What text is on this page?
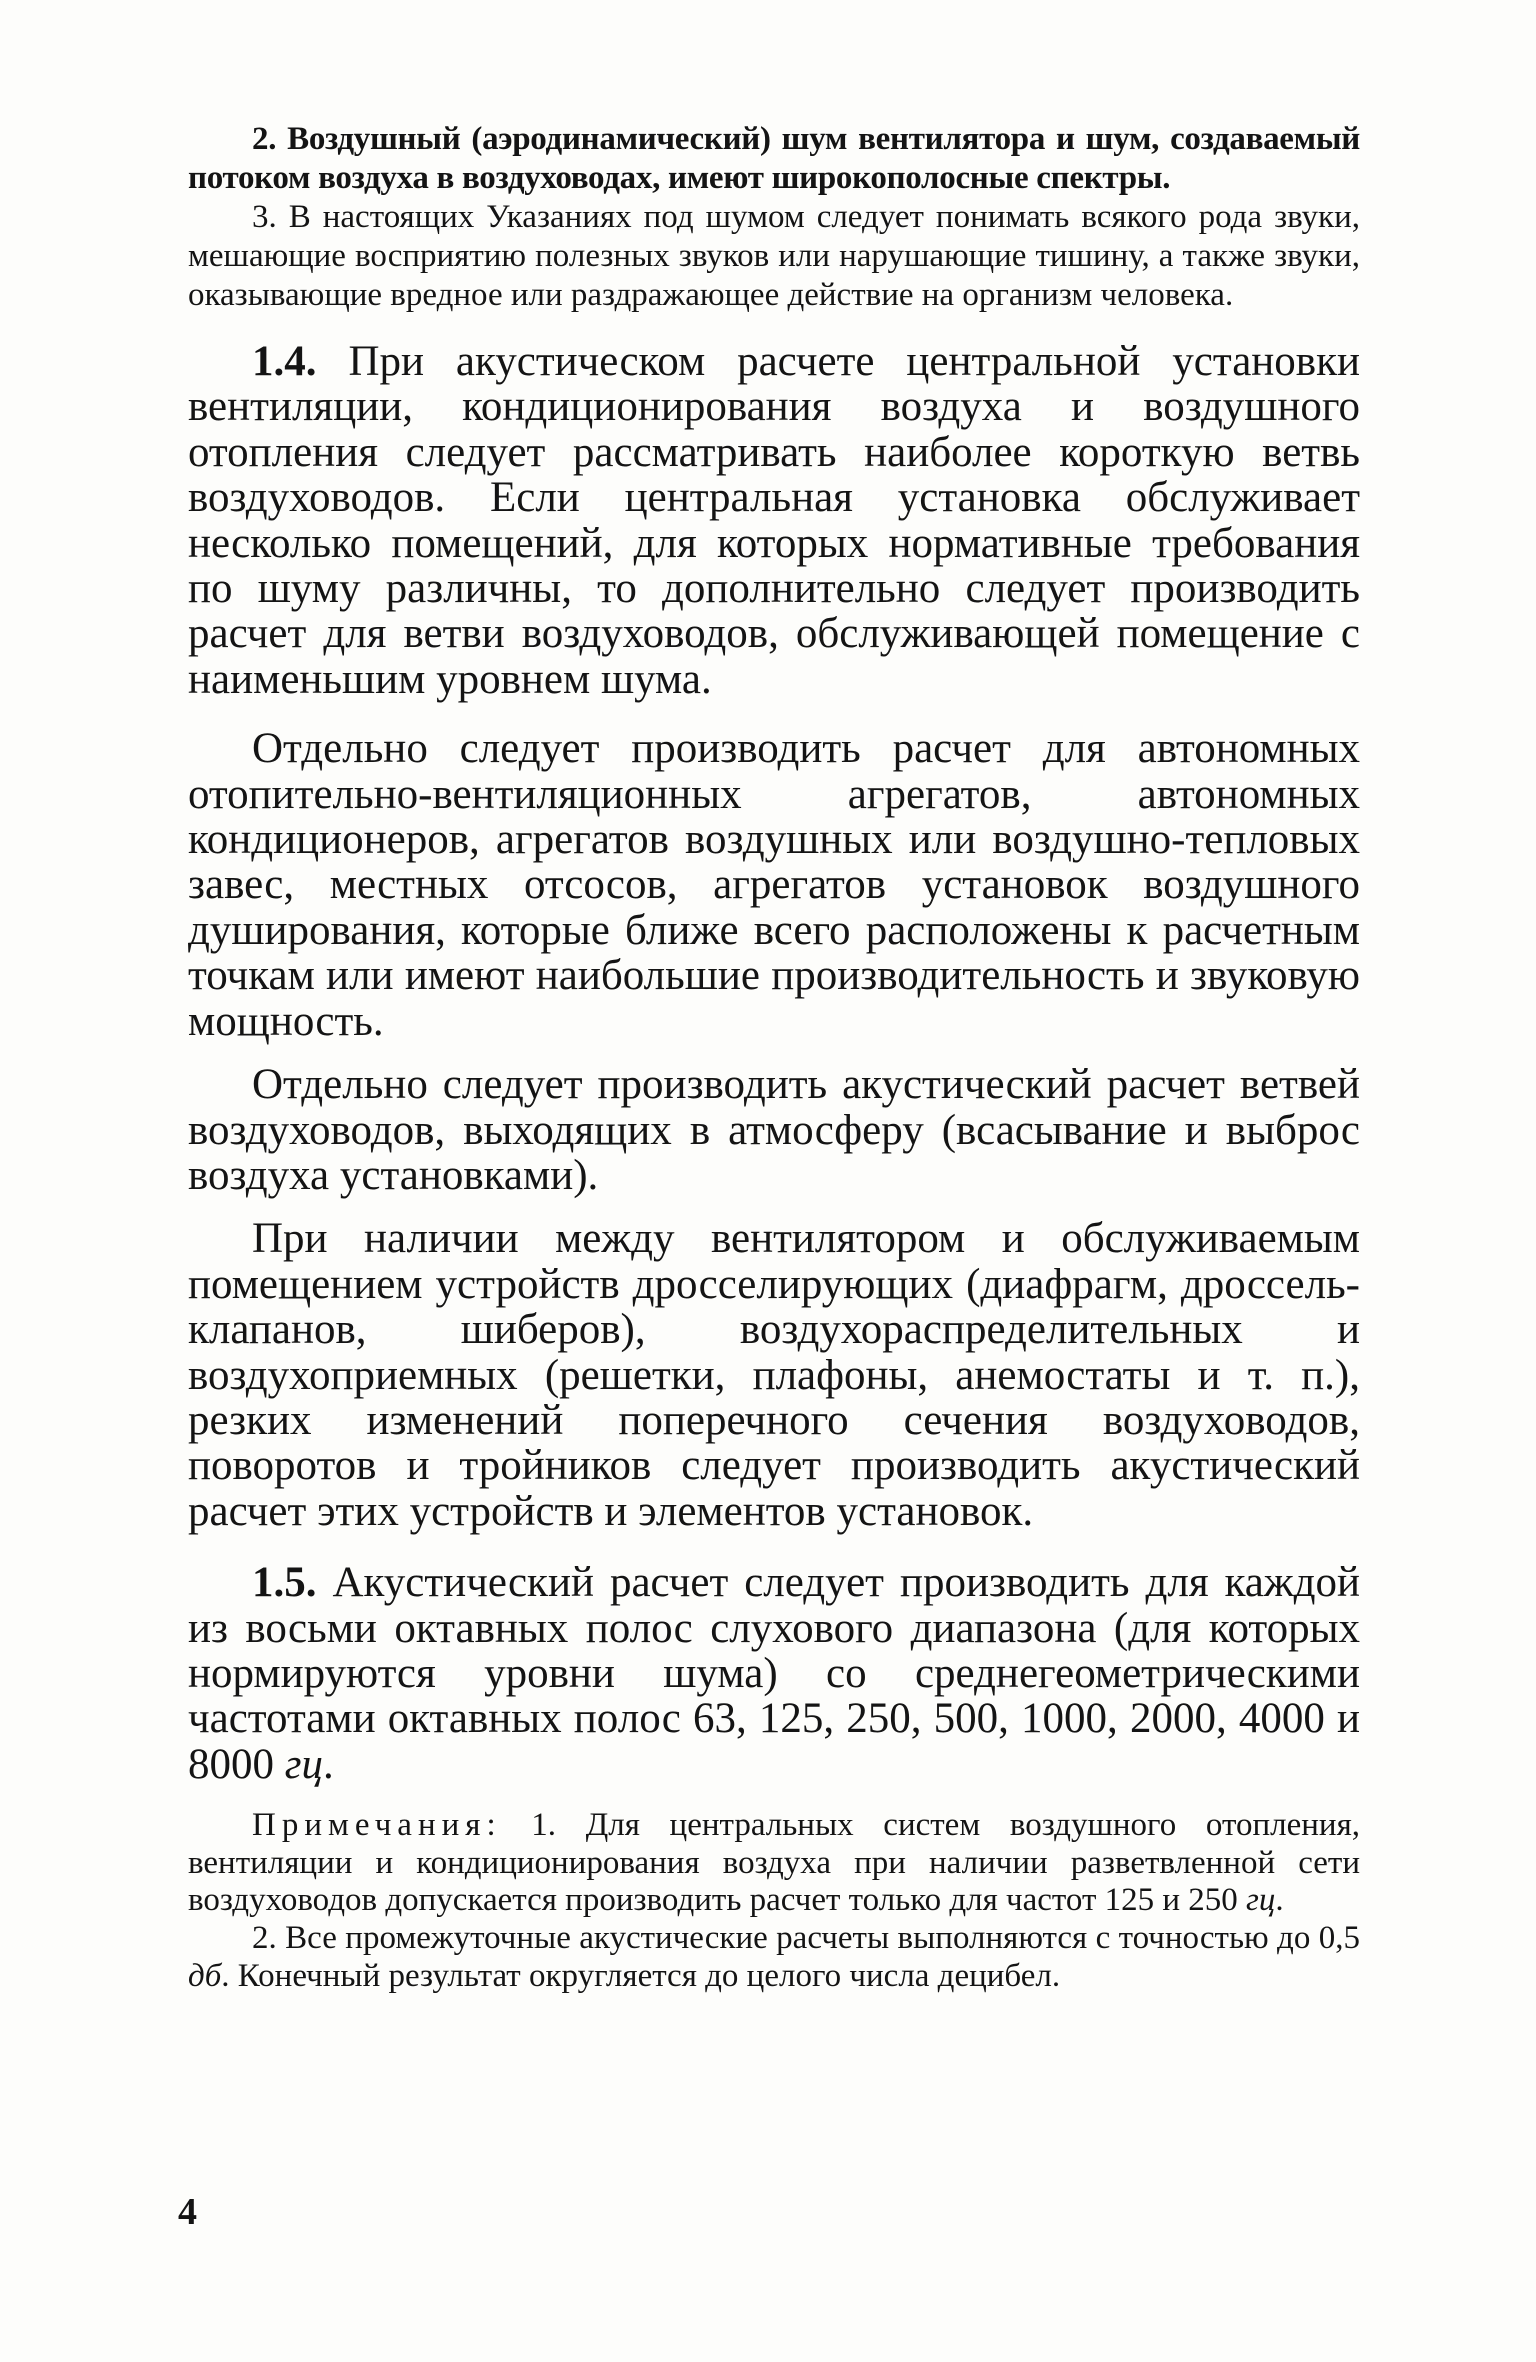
2. Воздушный (аэродинамический) шум вентилятора и шум, создаваемый потоком воздуха в воздуховодах, имеют широкополосные спектры.

3. В настоящих Указаниях под шумом следует понимать всякого рода звуки, мешающие восприятию полезных звуков или нарушающие тишину, а также звуки, оказывающие вредное или раздражающее действие на организм человека.

1.4. При акустическом расчете центральной установки вентиляции, кондиционирования воздуха и воздушного отопления следует рассматривать наиболее короткую ветвь воздуховодов. Если центральная установка обслуживает несколько помещений, для которых нормативные требования по шуму различны, то дополнительно следует производить расчет для ветви воздуховодов, обслуживающей помещение с наименьшим уровнем шума.

Отдельно следует производить расчет для автономных отопительно-вентиляционных агрегатов, автономных кондиционеров, агрегатов воздушных или воздушно-тепловых завес, местных отсосов, агрегатов установок воздушного душирования, которые ближе всего расположены к расчетным точкам или имеют наибольшие производительность и звуковую мощность.

Отдельно следует производить акустический расчет ветвей воздуховодов, выходящих в атмосферу (всасывание и выброс воздуха установками).

При наличии между вентилятором и обслуживаемым помещением устройств дросселирующих (диафрагм, дроссель-клапанов, шиберов), воздухораспределительных и воздухоприемных (решетки, плафоны, анемостаты и т. п.), резких изменений поперечного сечения воздуховодов, поворотов и тройников следует производить акустический расчет этих устройств и элементов установок.

1.5. Акустический расчет следует производить для каждой из восьми октавных полос слухового диапазона (для которых нормируются уровни шума) со среднегеометрическими частотами октавных полос 63, 125, 250, 500, 1000, 2000, 4000 и 8000 гц.

Примечания: 1. Для центральных систем воздушного отопления, вентиляции и кондиционирования воздуха при наличии разветвленной сети воздуховодов допускается производить расчет только для частот 125 и 250 гц.

2. Все промежуточные акустические расчеты выполняются с точностью до 0,5 дб. Конечный результат округляется до целого числа децибел.

4
